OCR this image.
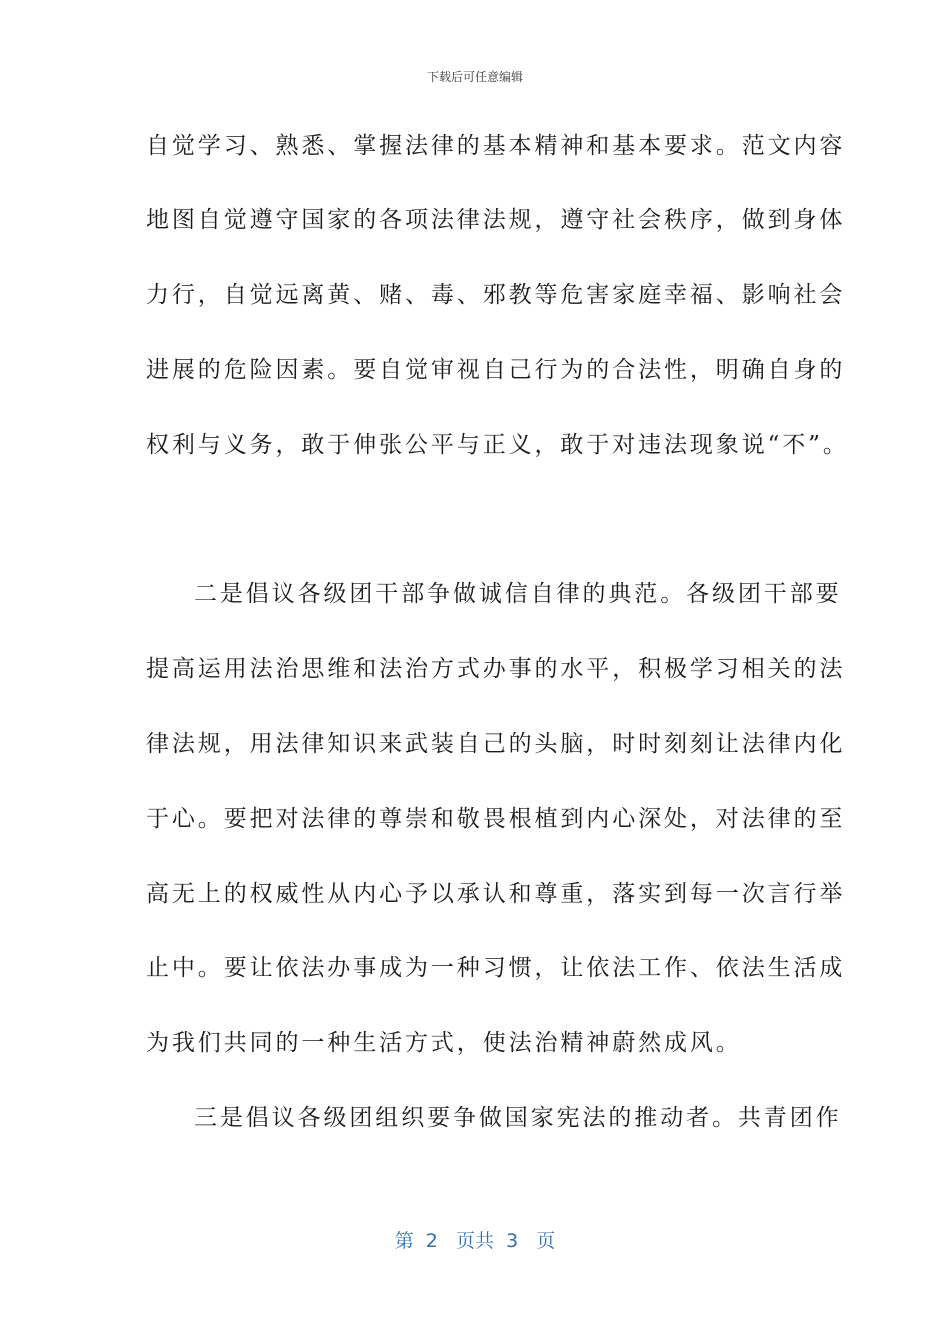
下载后可任意编辑
自觉学习、熟悉、掌握法律的基本精神和基本要求。范文内容
地图自觉遵守国家的各项法律法规，遵守社会秩序，做到身体
力行，自觉远离黄、赌、毒、邪教等危害家庭幸福、影响社会
进展的危险因素。要自觉审视自己行为的合法性，明确自身的
权利与义务，敢于伸张公平与正义，敢于对违法现象说“不”。
二是倡议各级团干部争做诚信自律的典范。各级团干部要
提高运用法治思维和法治方式办事的水平，积极学习相关的法
律法规，用法律知识来武装自己的头脑，时时刻刻让法律内化
于心。要把对法律的尊崇和敬畏根植到内心深处，对法律的至
高无上的权威性从内心予以承认和尊重，落实到每一次言行举
止中。要让依法办事成为一种习惯，让依法工作、依法生活成
为我们共同的一种生活方式，使法治精神蔚然成风。
三是倡议各级团组织要争做国家宪法的推动者。共青团作
第  2   页共  3   页
